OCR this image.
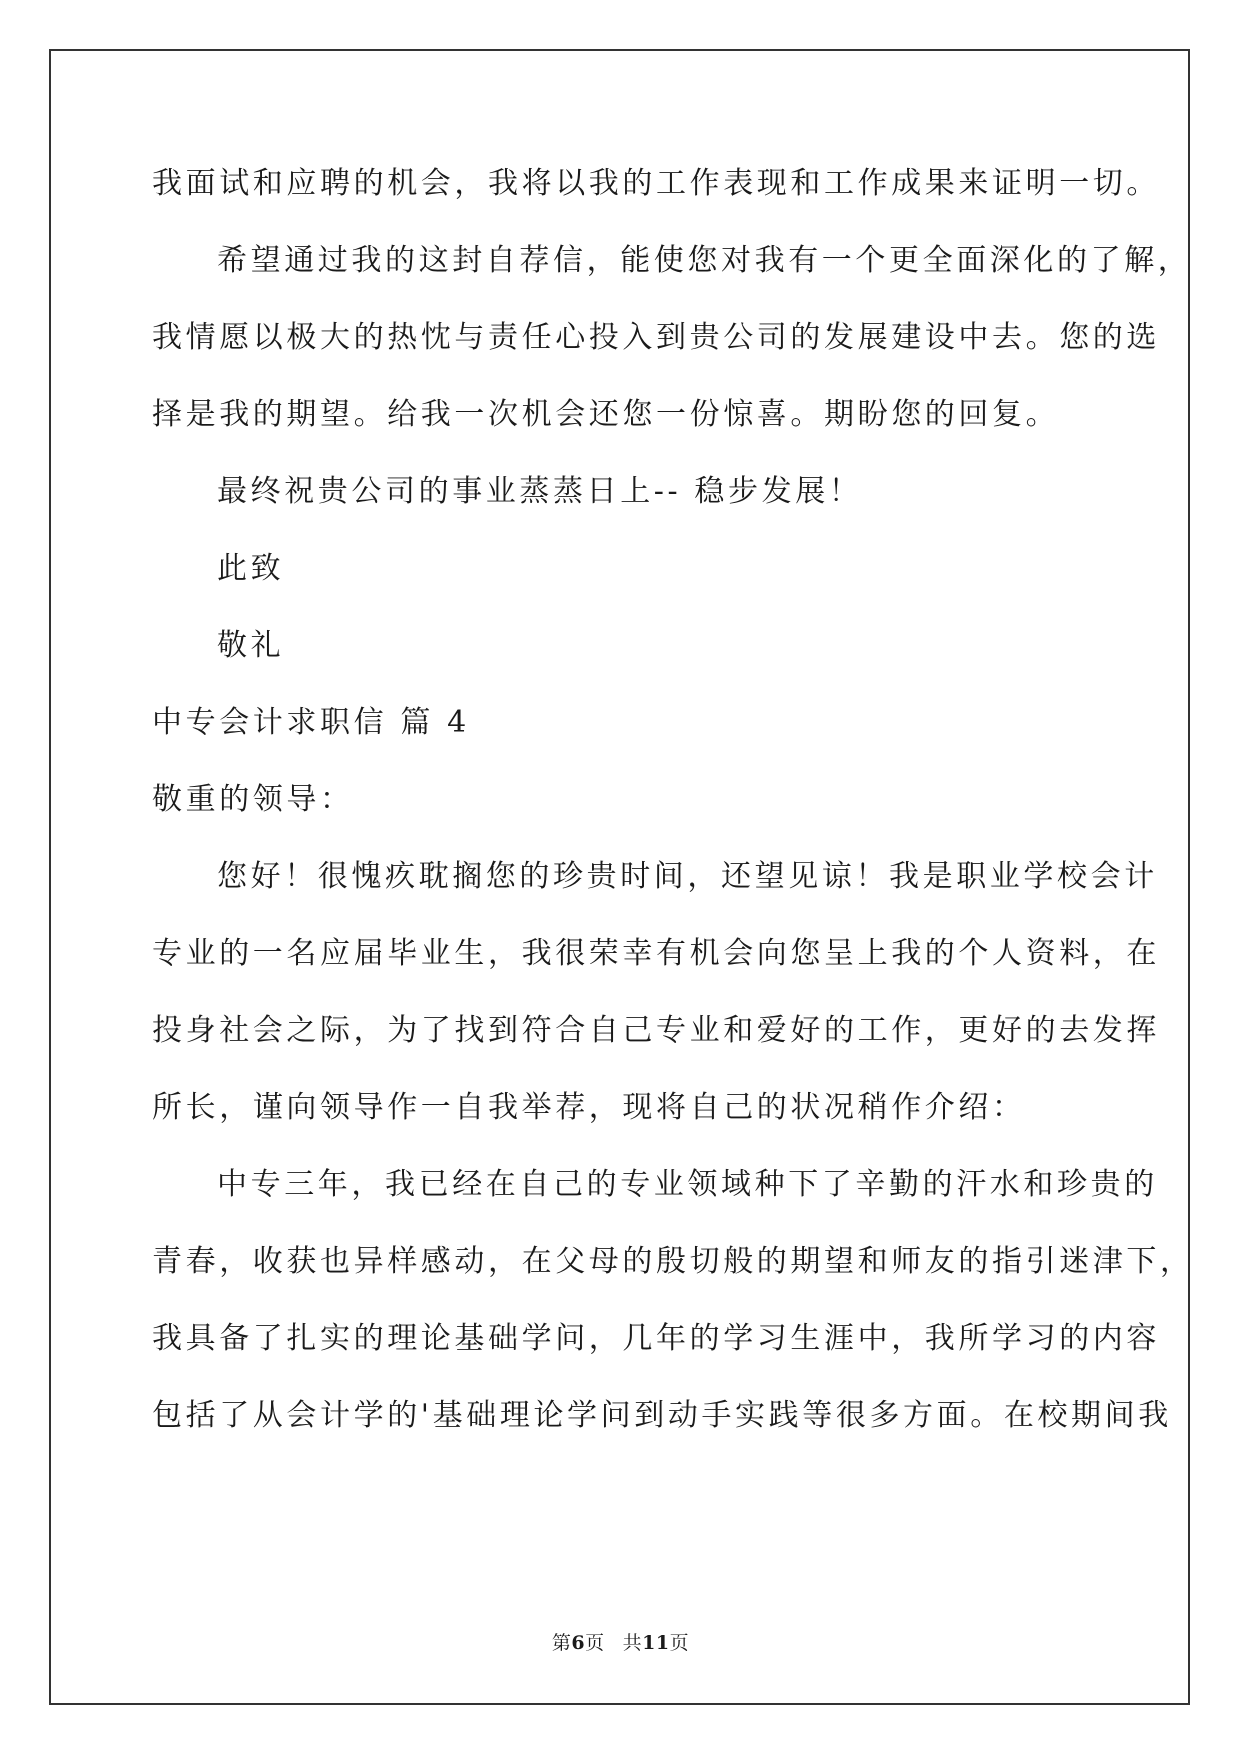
我面试和应聘的机会，我将以我的工作表现和工作成果来证明一切。
希望通过我的这封自荐信，能使您对我有一个更全面深化的了解，
我情愿以极大的热忱与责任心投入到贵公司的发展建设中去。您的选
择是我的期望。给我一次机会还您一份惊喜。期盼您的回复。
最终祝贵公司的事业蒸蒸日上-- 稳步发展！
此致
敬礼
中专会计求职信 篇 4
敬重的领导：
您好！很愧疚耽搁您的珍贵时间，还望见谅！我是职业学校会计
专业的一名应届毕业生，我很荣幸有机会向您呈上我的个人资料，在
投身社会之际，为了找到符合自己专业和爱好的工作，更好的去发挥
所长，谨向领导作一自我举荐，现将自己的状况稍作介绍：
中专三年，我已经在自己的专业领域种下了辛勤的汗水和珍贵的
青春，收获也异样感动，在父母的殷切般的期望和师友的指引迷津下，
我具备了扎实的理论基础学问，几年的学习生涯中，我所学习的内容
包括了从会计学的'基础理论学问到动手实践等很多方面。在校期间我
第6页 共11页
